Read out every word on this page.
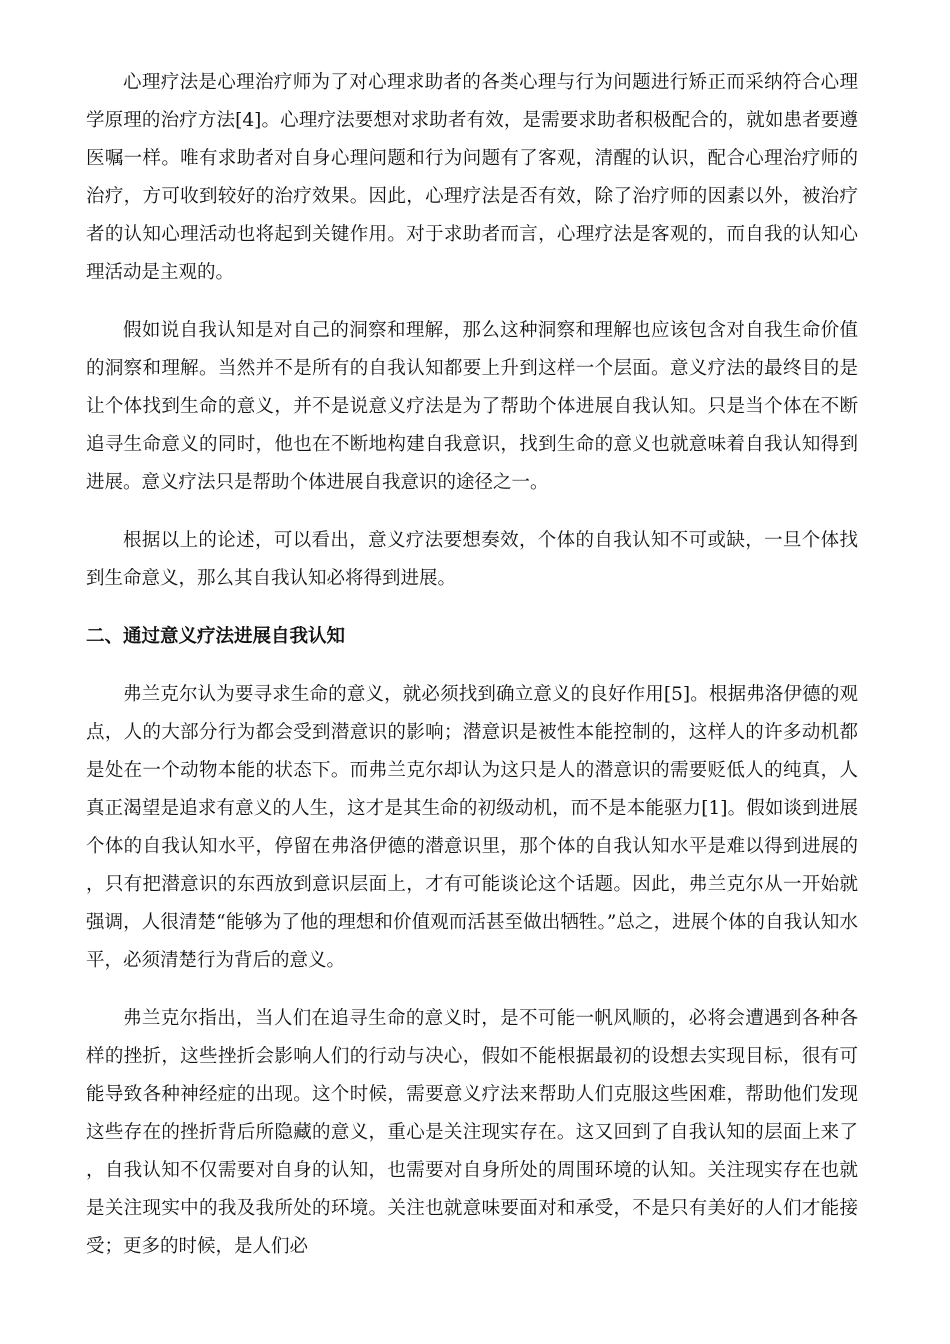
心理疗法是心理治疗师为了对心理求助者的各类心理与行为问题进行矫正而采纳符合心理学原理的治疗方法[4]。心理疗法要想对求助者有效，是需要求助者积极配合的，就如患者要遵医嘱一样。唯有求助者对自身心理问题和行为问题有了客观，清醒的认识，配合心理治疗师的治疗，方可收到较好的治疗效果。因此，心理疗法是否有效，除了治疗师的因素以外，被治疗者的认知心理活动也将起到关键作用。对于求助者而言，心理疗法是客观的，而自我的认知心理活动是主观的。

假如说自我认知是对自己的洞察和理解，那么这种洞察和理解也应该包含对自我生命价值的洞察和理解。当然并不是所有的自我认知都要上升到这样一个层面。意义疗法的最终目的是让个体找到生命的意义，并不是说意义疗法是为了帮助个体进展自我认知。只是当个体在不断追寻生命意义的同时，他也在不断地构建自我意识，找到生命的意义也就意味着自我认知得到进展。意义疗法只是帮助个体进展自我意识的途径之一。

根据以上的论述，可以看出，意义疗法要想奏效，个体的自我认知不可或缺，一旦个体找到生命意义，那么其自我认知必将得到进展。

二、通过意义疗法进展自我认知

弗兰克尔认为要寻求生命的意义，就必须找到确立意义的良好作用[5]。根据弗洛伊德的观点，人的大部分行为都会受到潜意识的影响；潜意识是被性本能控制的，这样人的许多动机都是处在一个动物本能的状态下。而弗兰克尔却认为这只是人的潜意识的需要贬低人的纯真，人真正渴望是追求有意义的人生，这才是其生命的初级动机，而不是本能驱力[1]。假如谈到进展个体的自我认知水平，停留在弗洛伊德的潜意识里，那个体的自我认知水平是难以得到进展的，只有把潜意识的东西放到意识层面上，才有可能谈论这个话题。因此，弗兰克尔从一开始就强调，人很清楚“能够为了他的理想和价值观而活甚至做出牺牲。”总之，进展个体的自我认知水平，必须清楚行为背后的意义。

弗兰克尔指出，当人们在追寻生命的意义时，是不可能一帆风顺的，必将会遭遇到各种各样的挫折，这些挫折会影响人们的行动与决心，假如不能根据最初的设想去实现目标，很有可能导致各种神经症的出现。这个时候，需要意义疗法来帮助人们克服这些困难，帮助他们发现这些存在的挫折背后所隐藏的意义，重心是关注现实存在。这又回到了自我认知的层面上来了，自我认知不仅需要对自身的认知，也需要对自身所处的周围环境的认知。关注现实存在也就是关注现实中的我及我所处的环境。关注也就意味要面对和承受，不是只有美好的人们才能接受；更多的时候，是人们必
